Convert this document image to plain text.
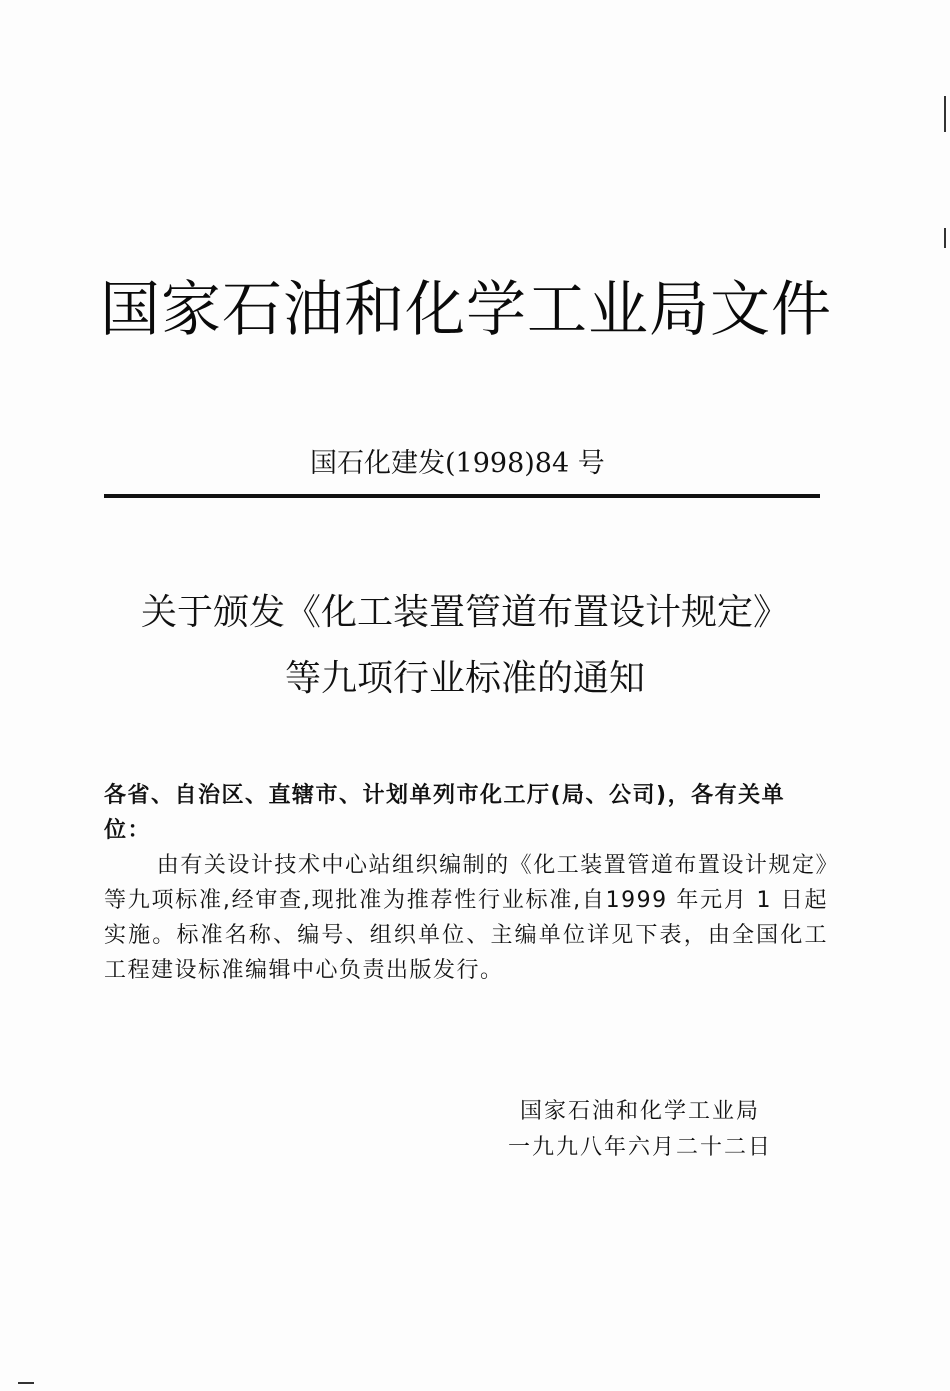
国家石油和化学工业局文件
国石化建发(1998)84 号
关于颁发《化工装置管道布置设计规定》
等九项行业标准的通知
各省、自治区、直辖市、计划单列市化工厅(局、公司)，各有关单位：
由有关设计技术中心站组织编制的《化工装置管道布置设计规定》等九项标准,经审查,现批准为推荐性行业标准,自1999 年元月 1 日起实施。标准名称、编号、组织单位、主编单位详见下表，由全国化工工程建设标准编辑中心负责出版发行。
国家石油和化学工业局
一九九八年六月二十二日
